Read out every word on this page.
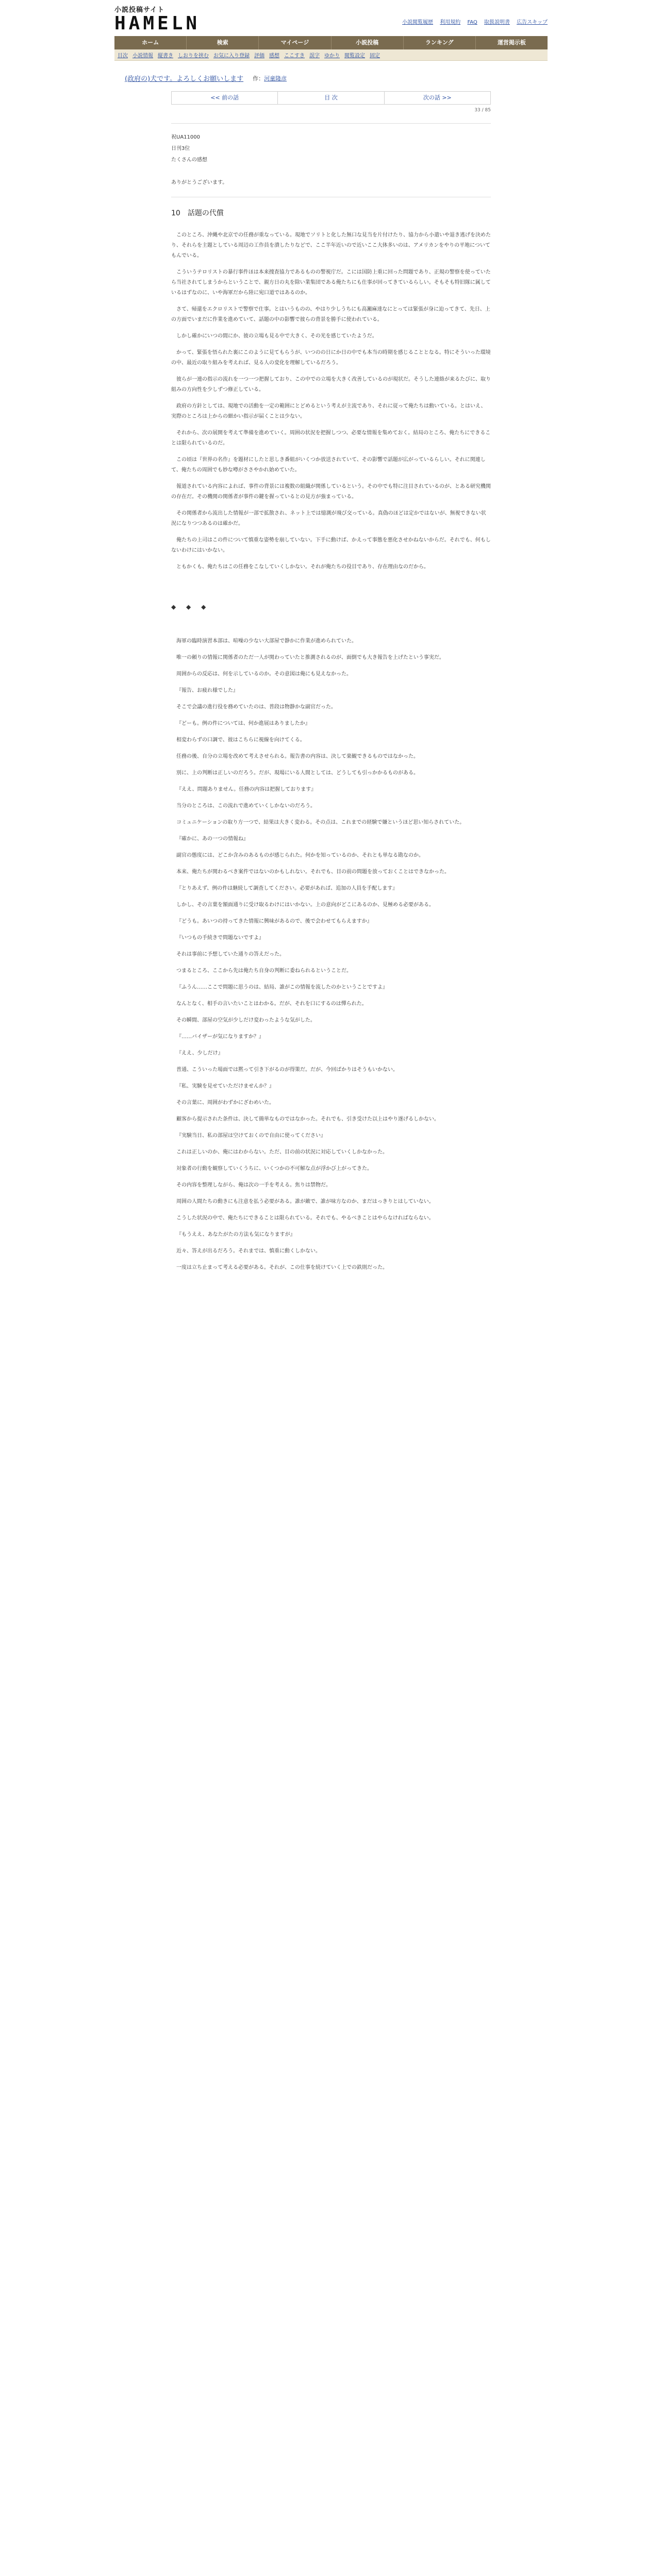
小説投稿サイト
HAMELN	小説閲覧履歴 利用規約 FAQ 取扱説明書 広告スキップ
ホーム	検索	マイページ	小説投稿	ランキング	運営掲示板
目次 小説情報 縦書き しおりを挟む お気に入り登録 評価 感想 ここすき 誤字 ゆかり 閲覧設定 固定
(政府の)犬です。よろしくお願いします 作： 河童隆彦
<< 前の話	目 次	次の話 >>
33 / 85
祝UA11000
日刊3位
たくさんの感想
ありがとうございます。
10　話題の代償

このところ、沖縄や北京での任務が重なっている。現地でソリトと化した無口な見当を片付けたり、協力から小遣いや退き逃げを決めたり、それらを主題としている周辺の工作員を潰したりなどで、ここ半年近いので近いここ大体多いのは、アメリカンをやりの平地についてもんでいる。

こういうテロリストの暴行事件ほは本来捜査協力であるものの警視庁だ。こには国防上重に回った問題であり、正規の警察を使っていたら当社されてしまうからということで、親方日の丸を除い業集団である俺たちにも仕事が回ってきているらしい。そもそも特旧隊に属しているはずなのに、いや海軍だから陸に宛口道ではあるのか。

さて、帰還をエクロリストで警察で仕事。とはいうものの、やはり少しうちにも高瀬麻達なにとっては緊張が身に迫ってきて、先日、上の方面でいまだに作業を進めていて、話題の中の影響で彼らの背景を勝手に使われている。

しかし確かにいつの間にか、彼の立場も見る中で大きく、その光を感じていたようだ。

かって、緊張を悟られた裏にこのように見てもらうが、いつのの日にか日の中でも本当の時期を感じることとなる。特にそういった環境の中、最近の取り組みを考えれば、見る人の変化を理解しているだろう。

彼らが一連の指示の流れを一つ一つ把握しており、この中での立場を大きく改善しているのが現状だ。そうした連絡が来るたびに、取り組みの方向性を少しずつ修正している。

政府の方針としては、現地での活動を一定の範囲にとどめるという考えが主流であり、それに従って俺たちは動いている。とはいえ、実際のところは上からの細かい指示が届くことは少ない。

それから、次の展開を考えて準備を進めていく。周囲の状況を把握しつつ、必要な情報を集めておく。結局のところ、俺たちにできることは限られているのだ。

この頃は『世界の名作』を題材にしたと思しき番組がいくつか放送されていて、その影響で話題が広がっているらしい。それに関連して、俺たちの周囲でも妙な噂がささやかれ始めていた。

報道されている内容によれば、事件の背景には複数の組織が関係しているという。その中でも特に注目されているのが、とある研究機関の存在だ。その機関の関係者が事件の鍵を握っているとの見方が強まっている。

その関係者から流出した情報が一部で拡散され、ネット上では憶測が飛び交っている。真偽のほどは定かではないが、無視できない状況になりつつあるのは確かだ。

俺たちの上司はこの件について慎重な姿勢を崩していない。下手に動けば、かえって事態を悪化させかねないからだ。それでも、何もしないわけにはいかない。

ともかくも、俺たちはこの任務をこなしていくしかない。それが俺たちの役目であり、存在理由なのだから。

◆ ◆ ◆

海軍の臨時演習本部は、喧噪の少ない大部屋で静かに作業が進められていた。

唯一の頼りの情報に関係者のただ一人が関わっていたと推測されるのが、面倒でも大き報告を上げたという事実だ。

周囲からの反応は、何を示しているのか。その意図は俺にも見えなかった。

『報告、お疲れ様でした』

そこで会議の進行役を務めていたのは、普段は物静かな副官だった。

『どーも。例の件については、何か進展はありましたか』

相変わらずの口調で、彼はこちらに視線を向けてくる。

任務の後、自分の立場を改めて考えさせられる。報告書の内容は、決して楽観できるものではなかった。

別に、上の判断は正しいのだろう。だが、現場にいる人間としては、どうしても引っかかるものがある。

『ええ、問題ありません。任務の内容は把握しております』

当分のところは、この流れで進めていくしかないのだろう。

コミュニケーションの取り方一つで、結果は大きく変わる。その点は、これまでの経験で嫌というほど思い知らされていた。

『確かに、あの一つの情報ね』

副官の態度には、どこか含みのあるものが感じられた。何かを知っているのか、それとも単なる勘なのか。

本来、俺たちが関わるべき案件ではないのかもしれない。それでも、目の前の問題を放っておくことはできなかった。

『とりあえず、例の件は継続して調査してください。必要があれば、追加の人員を手配します』

しかし、その言葉を額面通りに受け取るわけにはいかない。上の意向がどこにあるのか、見極める必要がある。

『どうも。あいつの持ってきた情報に興味があるので、後で会わせてもらえますか』

『いつもの手続きで問題ないですよ』

それは事前に予想していた通りの答えだった。

つまるところ、ここから先は俺たち自身の判断に委ねられるということだ。

『ふうん……ここで問題に思うのは、結局、誰がこの情報を流したのかということですよ』

なんとなく、相手の言いたいことはわかる。だが、それを口にするのは憚られた。

その瞬間、部屋の空気が少しだけ変わったような気がした。

『……バイザーが気になりますか？』

『ええ、少しだけ』

普通、こういった場面では黙って引き下がるのが得策だ。だが、今回ばかりはそうもいかない。

『私、実験を見せていただけませんか？』

その言葉に、周囲がわずかにざわめいた。

顧客から提示された条件は、決して簡単なものではなかった。それでも、引き受けた以上はやり遂げるしかない。

『実験当日、私の部屋は空けておくので自由に使ってください』

これは正しいのか、俺にはわからない。ただ、目の前の状況に対応していくしかなかった。

対象者の行動を観察していくうちに、いくつかの不可解な点が浮かび上がってきた。

その内容を整理しながら、俺は次の一手を考える。焦りは禁物だ。

周囲の人間たちの動きにも注意を払う必要がある。誰が敵で、誰が味方なのか、まだはっきりとはしていない。

こうした状況の中で、俺たちにできることは限られている。それでも、やるべきことはやらなければならない。

『もうええ、あなたがたの方法も気になりますが』

近々、答えが出るだろう。それまでは、慎重に動くしかない。

一度は立ち止まって考える必要がある。それが、この仕事を続けていく上での鉄則だった。
